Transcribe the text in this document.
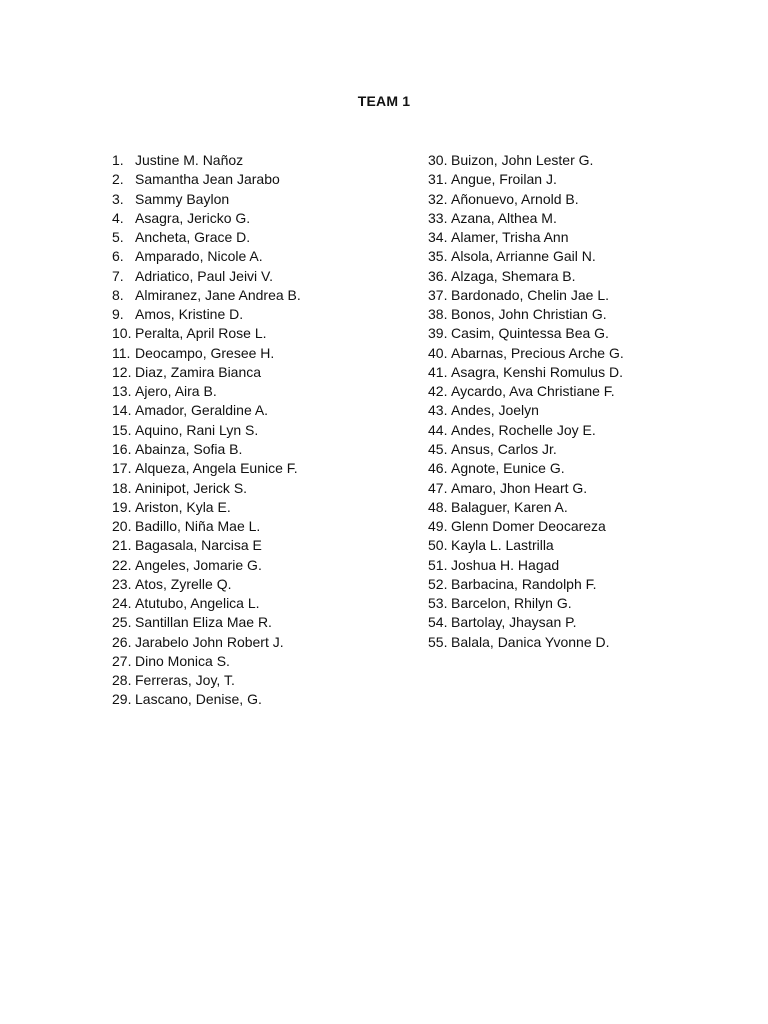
TEAM 1
1. Justine M. Nañoz
2. Samantha Jean Jarabo
3. Sammy Baylon
4. Asagra, Jericko G.
5. Ancheta, Grace D.
6. Amparado, Nicole A.
7. Adriatico, Paul Jeivi V.
8. Almiranez, Jane Andrea B.
9. Amos, Kristine D.
10. Peralta, April Rose L.
11. Deocampo, Gresee H.
12. Diaz, Zamira Bianca
13. Ajero, Aira B.
14. Amador, Geraldine A.
15. Aquino, Rani Lyn S.
16. Abainza, Sofia B.
17. Alqueza, Angela Eunice F.
18. Aninipot, Jerick S.
19. Ariston, Kyla E.
20. Badillo, Niña Mae L.
21. Bagasala, Narcisa E
22. Angeles, Jomarie G.
23. Atos, Zyrelle Q.
24. Atutubo, Angelica L.
25. Santillan Eliza Mae R.
26. Jarabelo John Robert J.
27. Dino Monica S.
28. Ferreras, Joy, T.
29. Lascano, Denise, G.
30. Buizon, John Lester G.
31. Angue, Froilan J.
32. Añonuevo, Arnold B.
33. Azana, Althea M.
34. Alamer, Trisha Ann
35. Alsola, Arrianne Gail N.
36. Alzaga, Shemara B.
37. Bardonado, Chelin Jae L.
38. Bonos, John Christian G.
39. Casim, Quintessa Bea G.
40. Abarnas, Precious Arche G.
41. Asagra, Kenshi Romulus D.
42. Aycardo, Ava Christiane F.
43. Andes, Joelyn
44. Andes, Rochelle Joy E.
45. Ansus, Carlos Jr.
46. Agnote, Eunice G.
47. Amaro, Jhon Heart G.
48. Balaguer, Karen A.
49. Glenn Domer Deocareza
50. Kayla L. Lastrilla
51. Joshua H. Hagad
52. Barbacina, Randolph F.
53. Barcelon, Rhilyn G.
54. Bartolay, Jhaysan P.
55. Balala, Danica Yvonne D.
